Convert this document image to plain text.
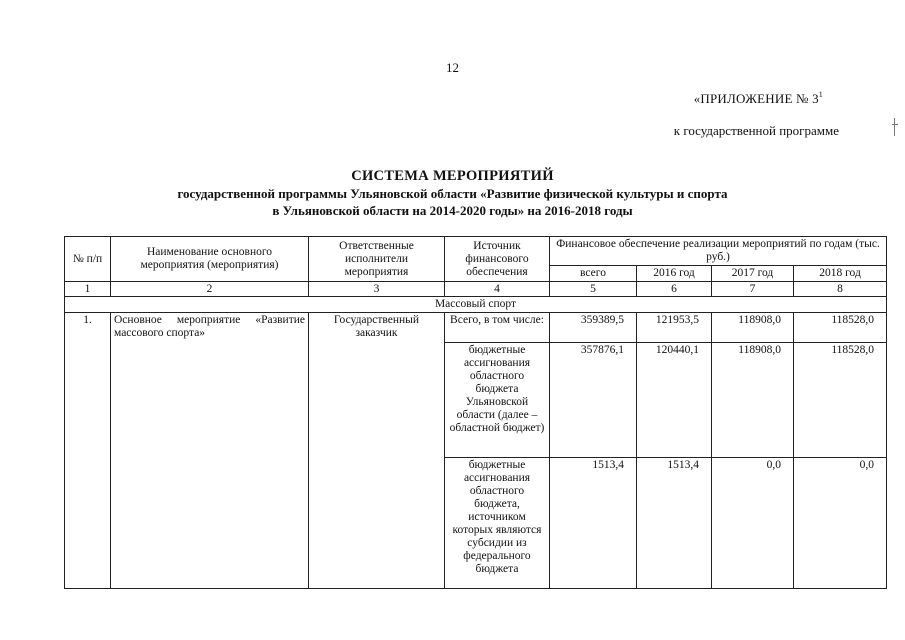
12
«ПРИЛОЖЕНИЕ № $3^1$
к государственной программе
СИСТЕМА МЕРОПРИЯТИЙ
государственной программы Ульяновской области «Развитие физической культуры и спорта
в Ульяновской области на 2014-2020 годы» на 2016-2018 годы
№ п/п	Наименование основного мероприятия (мероприятия)	Ответственные исполнители мероприятия	Источник финансового обеспечения	Финансовое обеспечение реализации мероприятий по годам (тыс. руб.)			
				всего	2016 год	2017 год	2018 год
1	2	3	4	5	6	7	8
Массовый спорт							
1.	Основное мероприятие «Развитие массового спорта»	Государственный заказчик	Всего, в том числе:	359389,5	121953,5	118908,0	118528,0
			бюджетные ассигнования областного бюджета Ульяновской области (далее – областной бюджет)	357876,1	120440,1	118908,0	118528,0
			бюджетные ассигнования областного бюджета, источником которых являются субсидии из федерального бюджета	1513,4	1513,4	0,0	0,0
